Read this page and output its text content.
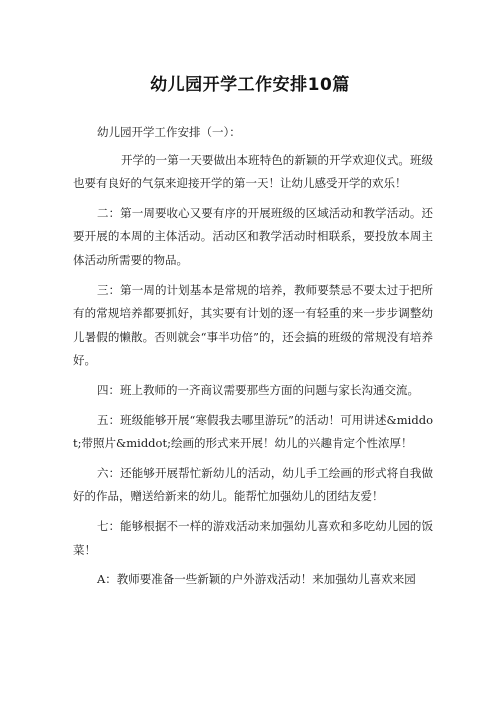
幼儿园开学工作安排10篇

幼儿园开学工作安排（一）：

开学的一第一天要做出本班特色的新颖的开学欢迎仪式。班级也要有良好的气氛来迎接开学的第一天！让幼儿感受开学的欢乐！

二：第一周要收心又要有序的开展班级的区域活动和教学活动。还要开展的本周的主体活动。活动区和教学活动时相联系，要投放本周主体活动所需要的物品。

三：第一周的计划基本是常规的培养，教师要禁忌不要太过于把所有的常规培养都要抓好，其实要有计划的逐一有轻重的来一步步调整幼儿暑假的懒散。否则就会“事半功倍”的，还会搞的班级的常规没有培养好。

四：班上教师的一齐商议需要那些方面的问题与家长沟通交流。

五：班级能够开展“寒假我去哪里游玩”的活动！可用讲述&middot;带照片&middot;绘画的形式来开展！幼儿的兴趣肯定个性浓厚！

六：还能够开展帮忙新幼儿的活动，幼儿手工绘画的形式将自我做好的作品，赠送给新来的幼儿。能帮忙加强幼儿的团结友爱！

七：能够根据不一样的游戏活动来加强幼儿喜欢和多吃幼儿园的饭菜！

A：教师要准备一些新颖的户外游戏活动！来加强幼儿喜欢来园
